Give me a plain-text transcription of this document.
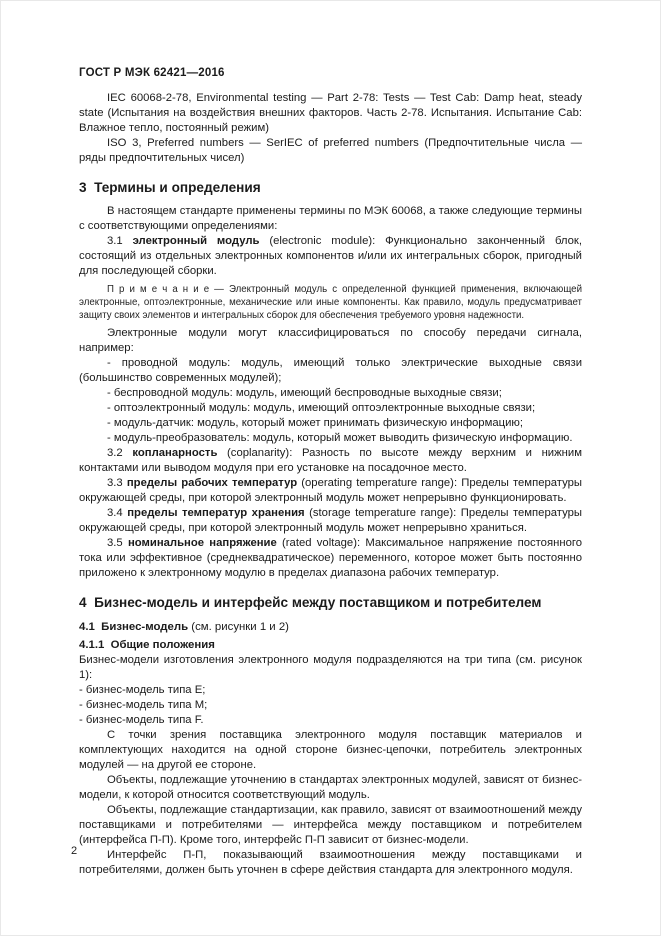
ГОСТ Р МЭК 62421—2016

IEC 60068-2-78, Environmental testing — Part 2-78: Tests — Test Cab: Damp heat, steady state (Испытания на воздействия внешних факторов. Часть 2-78. Испытания. Испытание Cab: Влажное тепло, постоянный режим)

ISO 3, Preferred numbers — SerIEC of preferred numbers (Предпочтительные числа — ряды предпочтительных чисел)

3  Термины и определения

В настоящем стандарте применены термины по МЭК 60068, а также следующие термины с соответствующими определениями:

3.1 электронный модуль (electronic module): Функционально законченный блок, состоящий из отдельных электронных компонентов и/или их интегральных сборок, пригодный для последующей сборки.

П р и м е ч а н и е — Электронный модуль с определенной функцией применения, включающей электронные, оптоэлектронные, механические или иные компоненты. Как правило, модуль предусматривает защиту своих элементов и интегральных сборок для обеспечения требуемого уровня надежности.

Электронные модули могут классифицироваться по способу передачи сигнала, например:

- проводной модуль: модуль, имеющий только электрические выходные связи (большинство современных модулей);

- беспроводной модуль: модуль, имеющий беспроводные выходные связи;

- оптоэлектронный модуль: модуль, имеющий оптоэлектронные выходные связи;

- модуль-датчик: модуль, который может принимать физическую информацию;

- модуль-преобразователь: модуль, который может выводить физическую информацию.

3.2 копланарность (coplanarity): Разность по высоте между верхним и нижним контактами или выводом модуля при его установке на посадочное место.

3.3 пределы рабочих температур (operating temperature range): Пределы температуры окружающей среды, при которой электронный модуль может непрерывно функционировать.

3.4 пределы температур хранения (storage temperature range): Пределы температуры окружающей среды, при которой электронный модуль может непрерывно храниться.

3.5 номинальное напряжение (rated voltage): Максимальное напряжение постоянного тока или эффективное (среднеквадратическое) переменного, которое может быть постоянно приложено к электронному модулю в пределах диапазона рабочих температур.

4  Бизнес-модель и интерфейс между поставщиком и потребителем

4.1  Бизнес-модель (см. рисунки 1 и 2)

4.1.1  Общие положения

Бизнес-модели изготовления электронного модуля подразделяются на три типа (см. рисунок 1):

- бизнес-модель типа E;

- бизнес-модель типа M;

- бизнес-модель типа F.

С точки зрения поставщика электронного модуля поставщик материалов и комплектующих находится на одной стороне бизнес-цепочки, потребитель электронных модулей — на другой ее стороне.

Объекты, подлежащие уточнению в стандартах электронных модулей, зависят от бизнес-модели, к которой относится соответствующий модуль.

Объекты, подлежащие стандартизации, как правило, зависят от взаимоотношений между поставщиками и потребителями — интерфейса между поставщиком и потребителем (интерфейса П-П). Кроме того, интерфейс П-П зависит от бизнес-модели.

Интерфейс П-П, показывающий взаимоотношения между поставщиками и потребителями, должен быть уточнен в сфере действия стандарта для электронного модуля.

2
